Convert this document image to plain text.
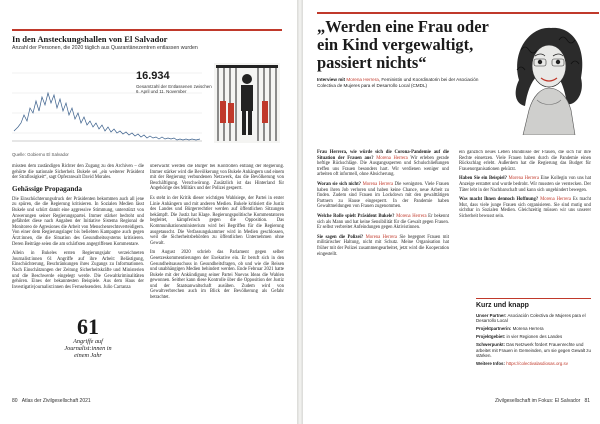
In den Ansteckungshallen von El Salvador
Anzahl der Personen, die 2020 täglich aus Quarantänezentren entlassen wurden
16.934
Gesamtzahl der Entlassenen zwischen 6. April und 11. November
Quelle: Gobierno El Salvador

missten dem zuständigen Richter den Zugang zu den Archiven – die gehörte die nationale Sicherheit. Bukele sei „ein weiterer Präsident der Straflosigkeit“, sagt Opferanwalt David Morales.

Gehässige Propaganda

Die Einschüchterungsdruck der Präsidenten bekommen auch all jene zu spüren, die die Regierung kritisieren. In Sozialen Medien lässt Bukele und schürt damit eine aggressive Stimmung, unterstützt von Anwerungen seiner Regierungspartei. Immer stärker bedroht und gefährdet diese nach Angaben der Initiative Sistema Regional de Monitoreo de Agresiones die Arbeit von Menschenrechtsverteidigern. Von einer dem Regierungslager bis beliebten Kampagne auch gegen Ärzt:innen, die die Situation des Gesundheitssystems kritisieren. Deren Beiträge seien die am schärfsten angegriffenen Kommentare.

Allein in Bukeles ersten Regierungsjahr verzeichneten Journalist:innen 61 Angriffe auf ihre Arbeit: Belästigung, Einschüchterung, Beschränkungen ihres Zugangs zu Informationen. Nach Einschätzungen der Zeitung Sicherheitskräfte und Ministerien und die Beschwerde eingelegt werde. Die Gewaltkriminalitäten gehören. Eines der bekanntesten Beispiele. Aus dem Haus der Investigativjournalist:innen des Fernsehsenders. Julio Carranza

überwacht werden die Bürger bei Kontrollen entlang der Regierung. Immer stärker wird die Bevölkerung von Bukele Anhängern und einem mit der Regierung verbundenen Netzwerk, das die Bevölkerung von Beschäftigung. Verschwörung. Zusätzlich ist das Hinterland für Angehörige des Militärs und der Polizei gesperrt.

Es steht in der Kritik dieser wichtigen Wahlsiege, der Partei in erster Linie Anhängern und mit anderen Medien. Bukele kritisiert die Justiz des Landes und Bürgerrechtler werden auf öffentlichen Sitzungen bekämpft. Die Justiz hat Klage. Regierungspolitische Kommentatoren begleitet, kämpferisch gegen die Opposition. Das Kommunikationsministerium wird bei Begriffen für die Regierung ausgetauscht. Die Verfassungskammer wird in Medien geschlossen, weil die Sicherheitsbehörden zu öffentlichen Unternehmen ohne Gewalt.

Im August 2020 schrieb das Parlament gegen selber Gesetzeskommentierungen der Exekutive ein. Er beruft sich in den Gesundheitsausschuss in Gesundheitsfragen, ob und wie die Reisen und unabhängigen Medien behindert werden. Ende Februar 2021 hatte Bukele mit der Ankündigung seiner Partei Nuevas Ideas die Wahlen gewonnen. Seither kann diese Kontrolle über die Opposition der Justiz und der Staatsanwaltschaft ausüben. Zudem wird von Gewaltverbrechen auch im Blick der Bevölkerung als Gefahr betrachtet.

61
Angriffe auf Journalist:innen in einem Jahr
80 Atlas der Zivilgesellschaft 2021
„Werden eine Frau oder ein Kind vergewaltigt, passiert nichts“
Interview mit Morena Herrera, Feministin und Koordinatorin bei der Asociación Colectiva de Mujeres para el Desarrollo Local (CMDL)

Frau Herrera, wie würde sich die Corona-Pandemie auf die Situation der Frauen aus? Morena Herrera Wir erleben gerade heftige Rückschläge. Die Ausgangssperren und Schulschließungen treffen uns Frauen besonders hart. Wir verdienen weniger und arbeiten oft informell, ohne Absicherung.

Woran sie sich nicht? Morena Herrera Die wenigsten. Viele Frauen haben ihren Job verloren und haben keine Chance, neue Arbeit zu finden. Zudem sind Frauen im Lockdown mit den gewalttätigen Partnern zu Hause eingesperrt. In der Pandemie haben Gewaltmeldungen von Frauen zugenommen.

Welche Rolle spielt Präsident Bukele? Morena Herrera Er bekennt sich als Mann und hat keine Sensibilität für die Gewalt gegen Frauen. Er selbst verbreitet Anfeindungen gegen Aktivistinnen.

Sie sagen die Polizei? Morena Herrera Sie begegnet Frauen mit militärischer Haltung, nicht mit Schutz. Meine Organisation hat früher mit der Polizei zusammengearbeitet, jetzt wird die Kooperation eingestellt.

ein gänzlich neues Leben Bündnisse der Frauen, die sich für ihre Rechte einsetzen. Viele Frauen haben durch die Pandemie einen Rückschlag erlebt. Außerdem hat die Regierung das Budget für Frauenorganisationen gekürzt.

Haben Sie ein Beispiel? Morena Herrera Eine Kollegin von uns hat Anzeige erstattet und wurde bedroht. Wir mussten sie verstecken. Der Täter lebt in der Nachbarschaft und kann sich ungehindert bewegen.

Was macht Ihnen dennoch Hoffnung? Morena Herrera Es macht Mut, dass viele junge Frauen sich organisieren. Sie sind mutig und sichtbar in Sozialen Medien. Gleichzeitig müssen wir uns unserer Sicherheit bewusst sein.

Kurz und knapp
Unser Partner: Asociación Colectiva de Mujeres para el Desarrollo Local
Projektpartnerin: Morena Herrera
Projektgebiet: in vier Regionen des Landes
Schwerpunkt: Das Netzwerk fördert Frauenrechte und arbeitet mit Frauen in Gemeinden, um sie gegen Gewalt zu stärken.
Weitere Infos: https://colectivalasdiosas.org.sv
Zivilgesellschaft im Fokus: El Salvador 81
